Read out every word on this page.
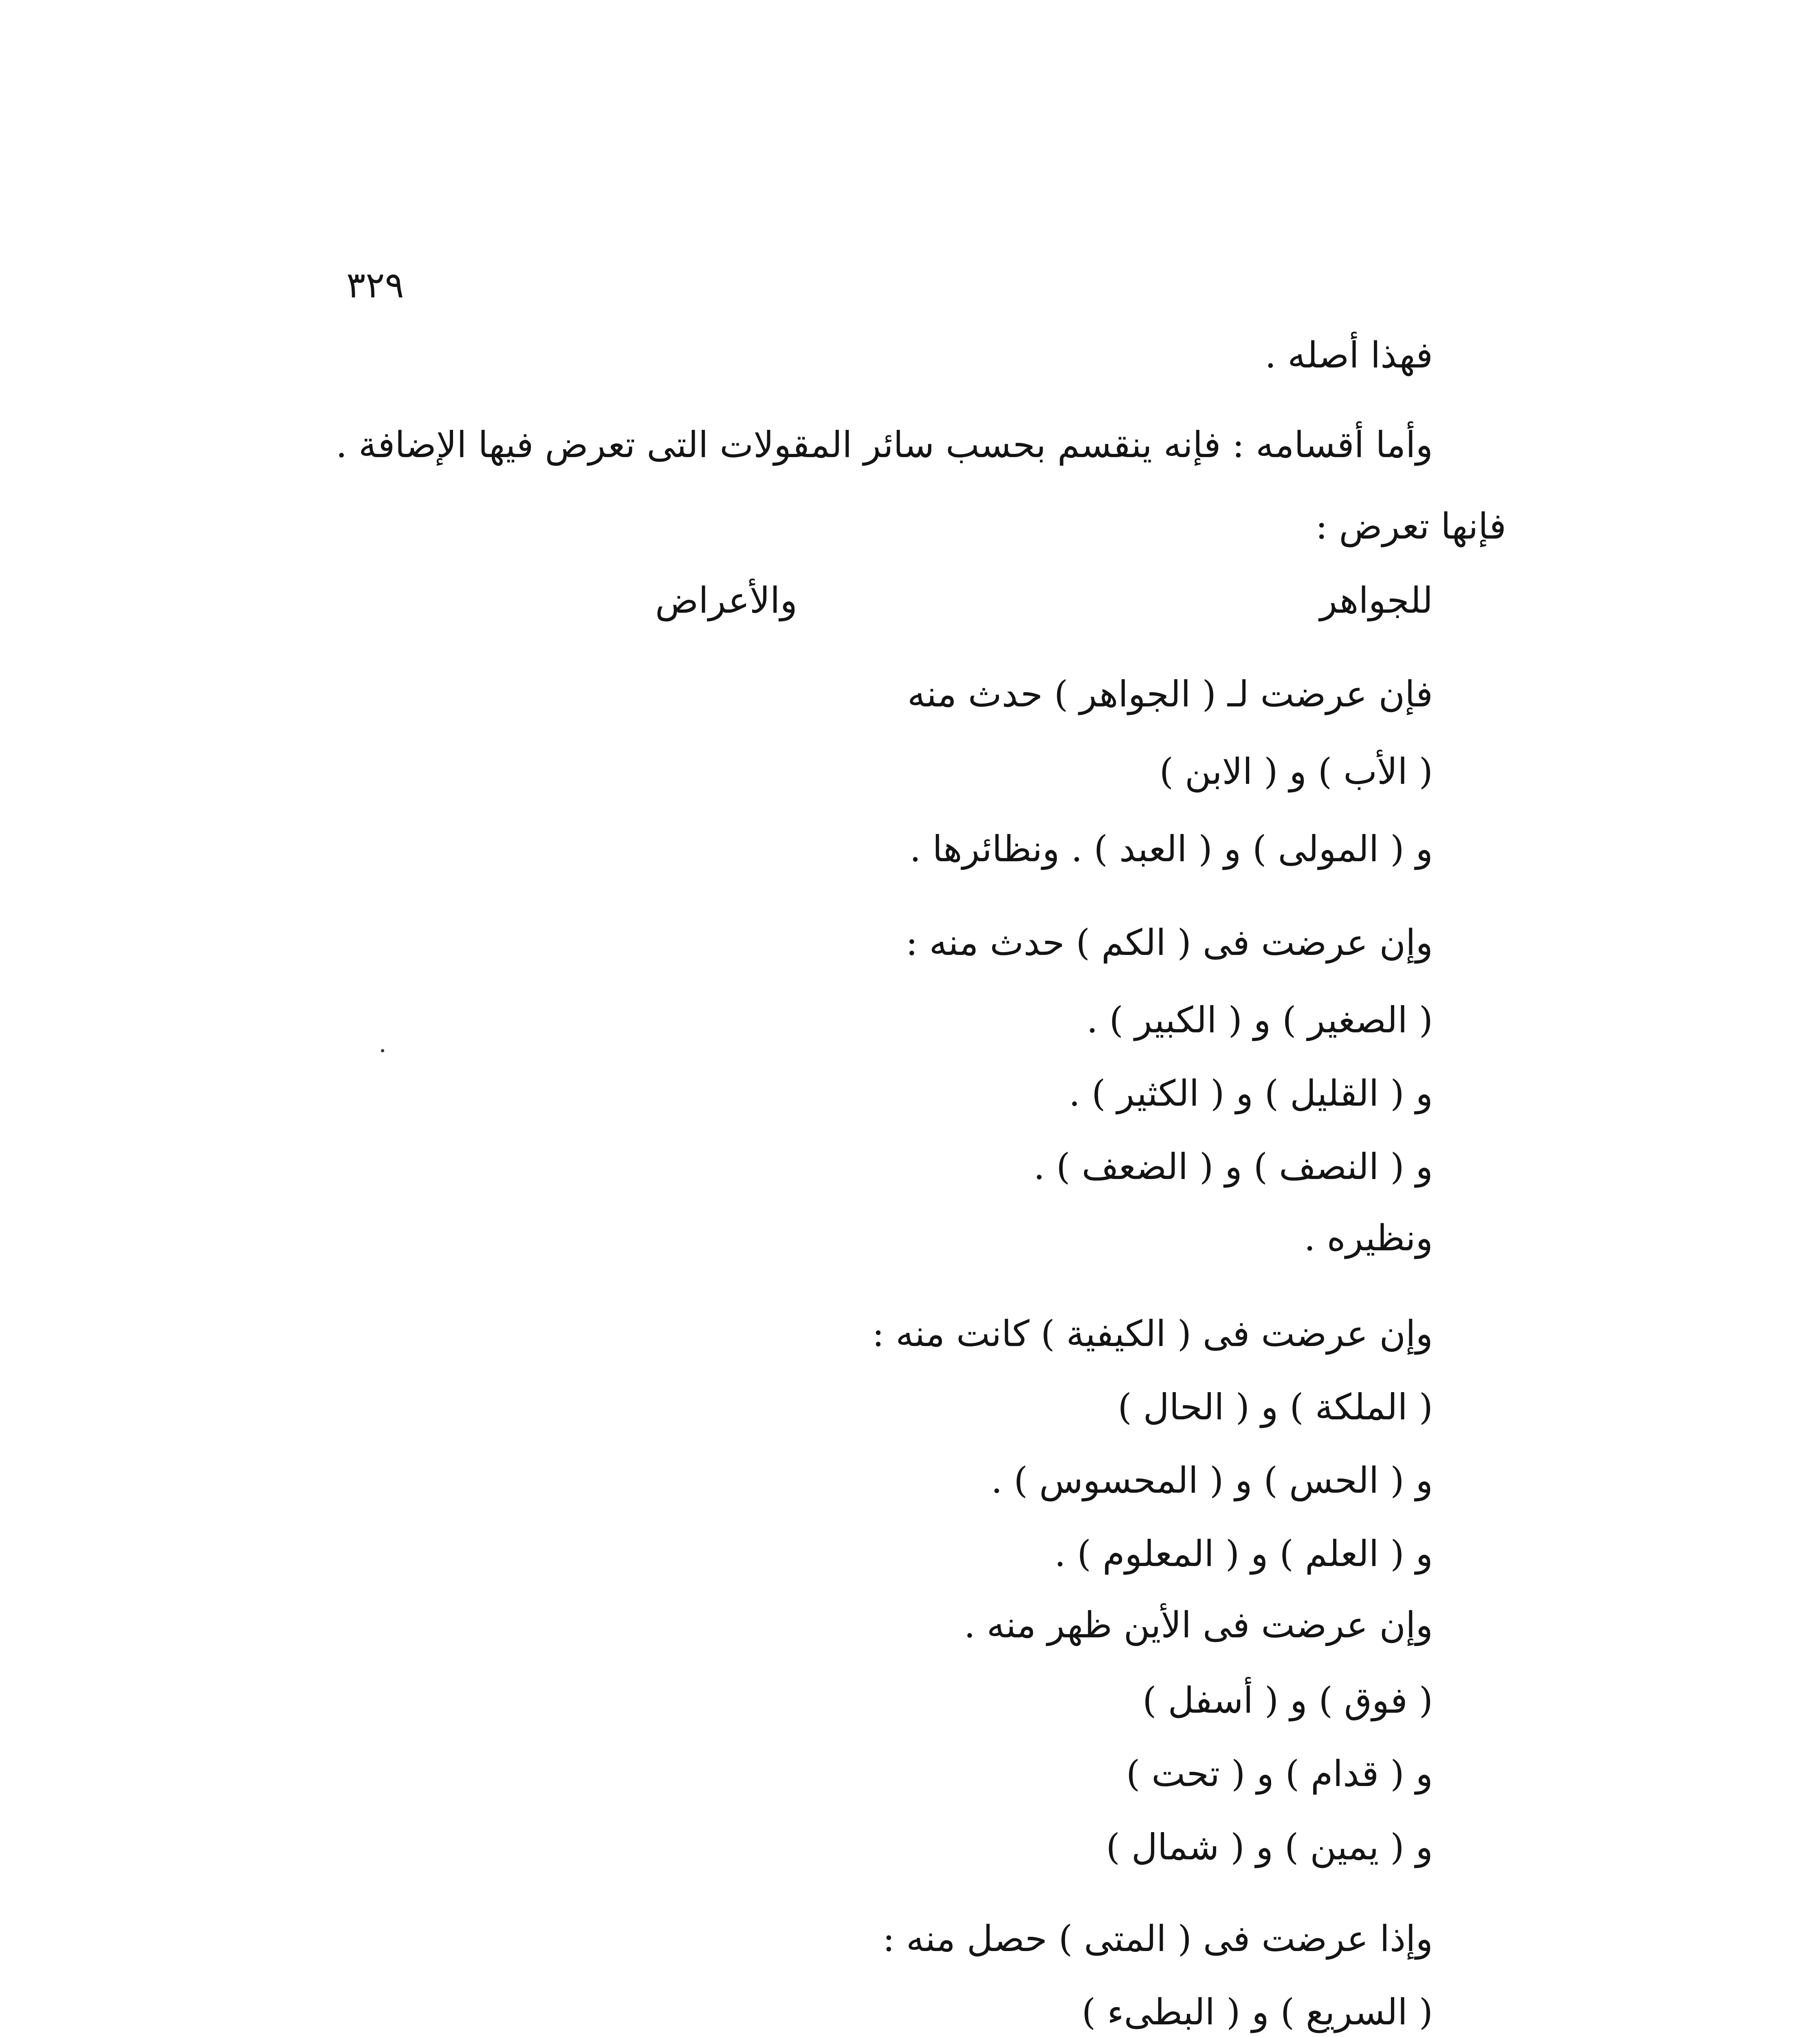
٣٢٩

فهذا أصله .

وأما أقسامه : فإنه ينقسم بحسب سائر المقولات التى تعرض فيها الإضافة .

فإنها تعرض :

للجواهر

والأعراض

فإن عرضت لـ ( الجواهر ) حدث منه

( الأب ) و ( الابن )

و ( المولى ) و ( العبد ) . ونظائرها .

وإن عرضت فى ( الكم ) حدث منه :

( الصغير ) و ( الكبير ) .

و ( القليل ) و ( الكثير ) .

و ( النصف ) و ( الضعف ) .

ونظيره .

وإن عرضت فى ( الكيفية ) كانت منه :

( الملكة ) و ( الحال )

و ( الحس ) و ( المحسوس ) .

و ( العلم ) و ( المعلوم ) .

وإن عرضت فى الأين ظهر منه .

( فوق ) و ( أسفل )

و ( قدام ) و ( تحت )

و ( يمين ) و ( شمال )

وإذا عرضت فى ( المتى ) حصل منه :

( السريع ) و ( البطىء )
